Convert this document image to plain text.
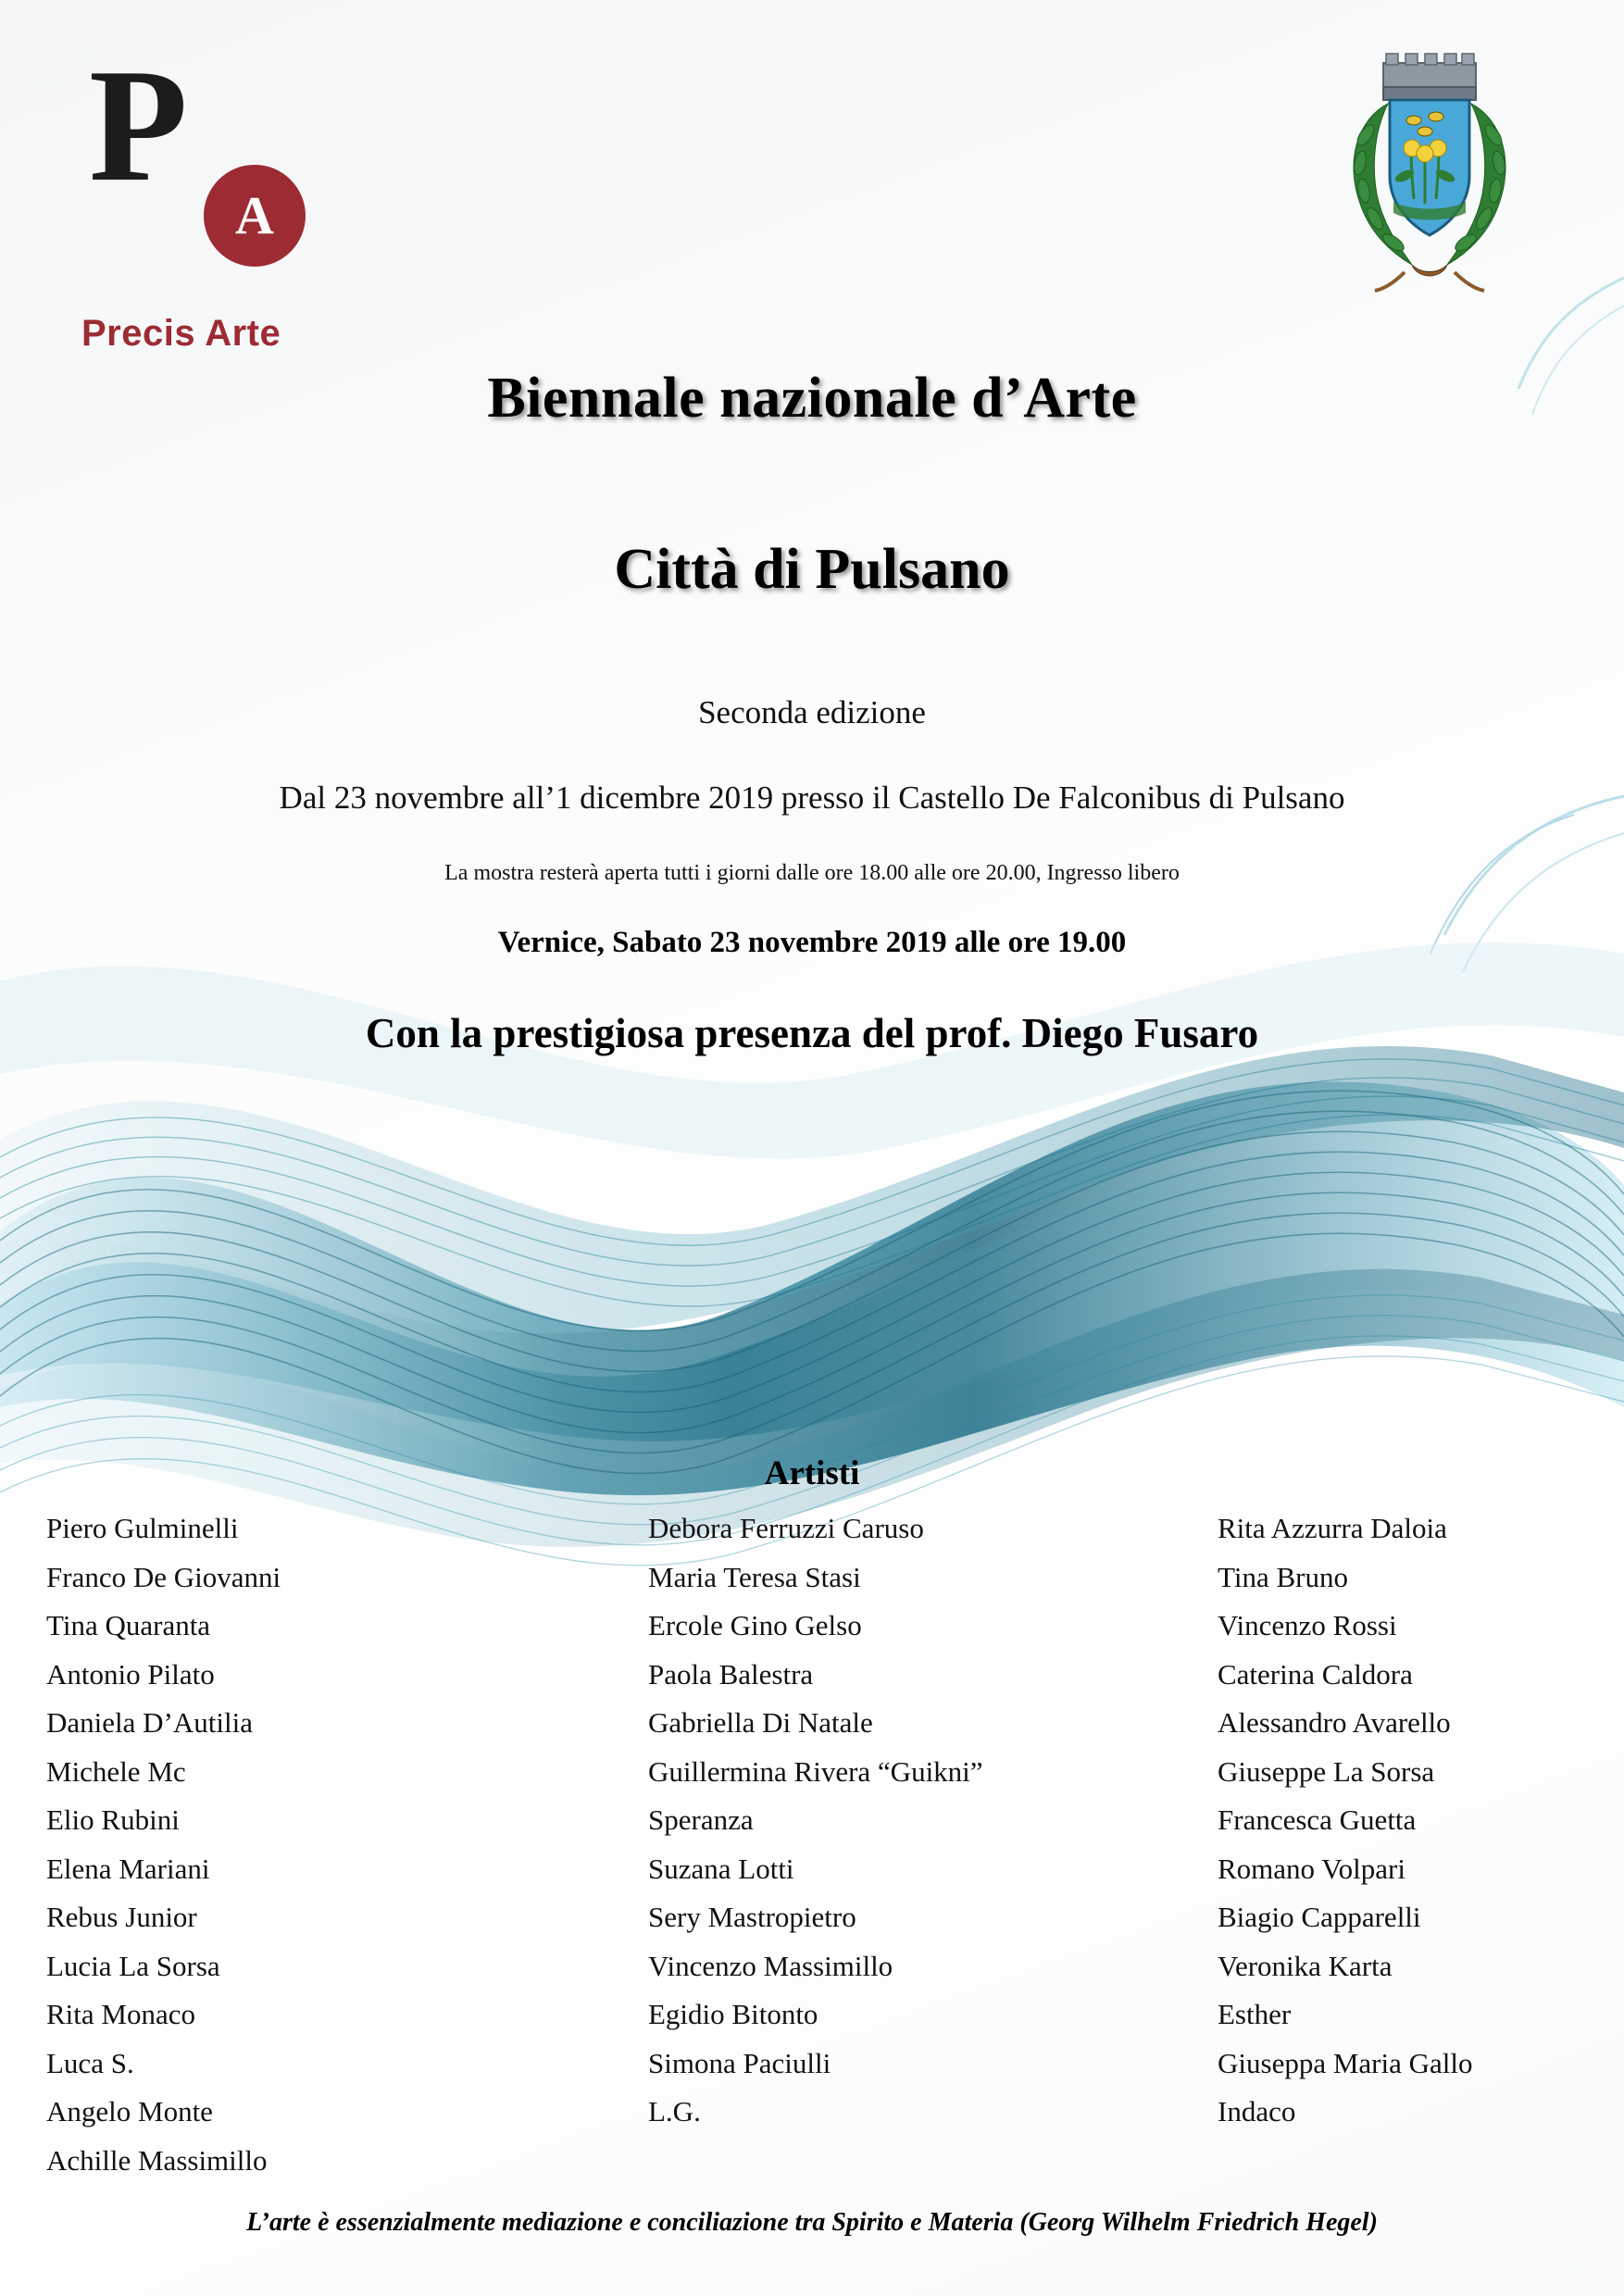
P
A
Precis Arte
Biennale nazionale d’Arte
Città di Pulsano
Seconda edizione
Dal 23 novembre all’1 dicembre 2019 presso il Castello De Falconibus di Pulsano
La mostra resterà aperta tutti i giorni dalle ore 18.00 alle ore 20.00, Ingresso libero
Vernice, Sabato 23 novembre 2019 alle ore 19.00
Con la prestigiosa presenza del prof. Diego Fusaro
Artisti
Piero Gulminelli
Franco De Giovanni
Tina Quaranta
Antonio Pilato
Daniela D’Autilia
Michele Mc
Elio Rubini
Elena Mariani
Rebus Junior
Lucia La Sorsa
Rita Monaco
Luca S.
Angelo Monte
Achille Massimillo
Debora Ferruzzi Caruso
Maria Teresa Stasi
Ercole Gino Gelso
Paola Balestra
Gabriella Di Natale
Guillermina Rivera “Guikni”
Speranza
Suzana Lotti
Sery Mastropietro
Vincenzo Massimillo
Egidio Bitonto
Simona Paciulli
L.G.
Rita Azzurra Daloia
Tina Bruno
Vincenzo Rossi
Caterina Caldora
Alessandro Avarello
Giuseppe La Sorsa
Francesca Guetta
Romano Volpari
Biagio Capparelli
Veronika Karta
Esther
Giuseppa Maria Gallo
Indaco
L’arte è essenzialmente mediazione e conciliazione tra Spirito e Materia (Georg Wilhelm Friedrich Hegel)
